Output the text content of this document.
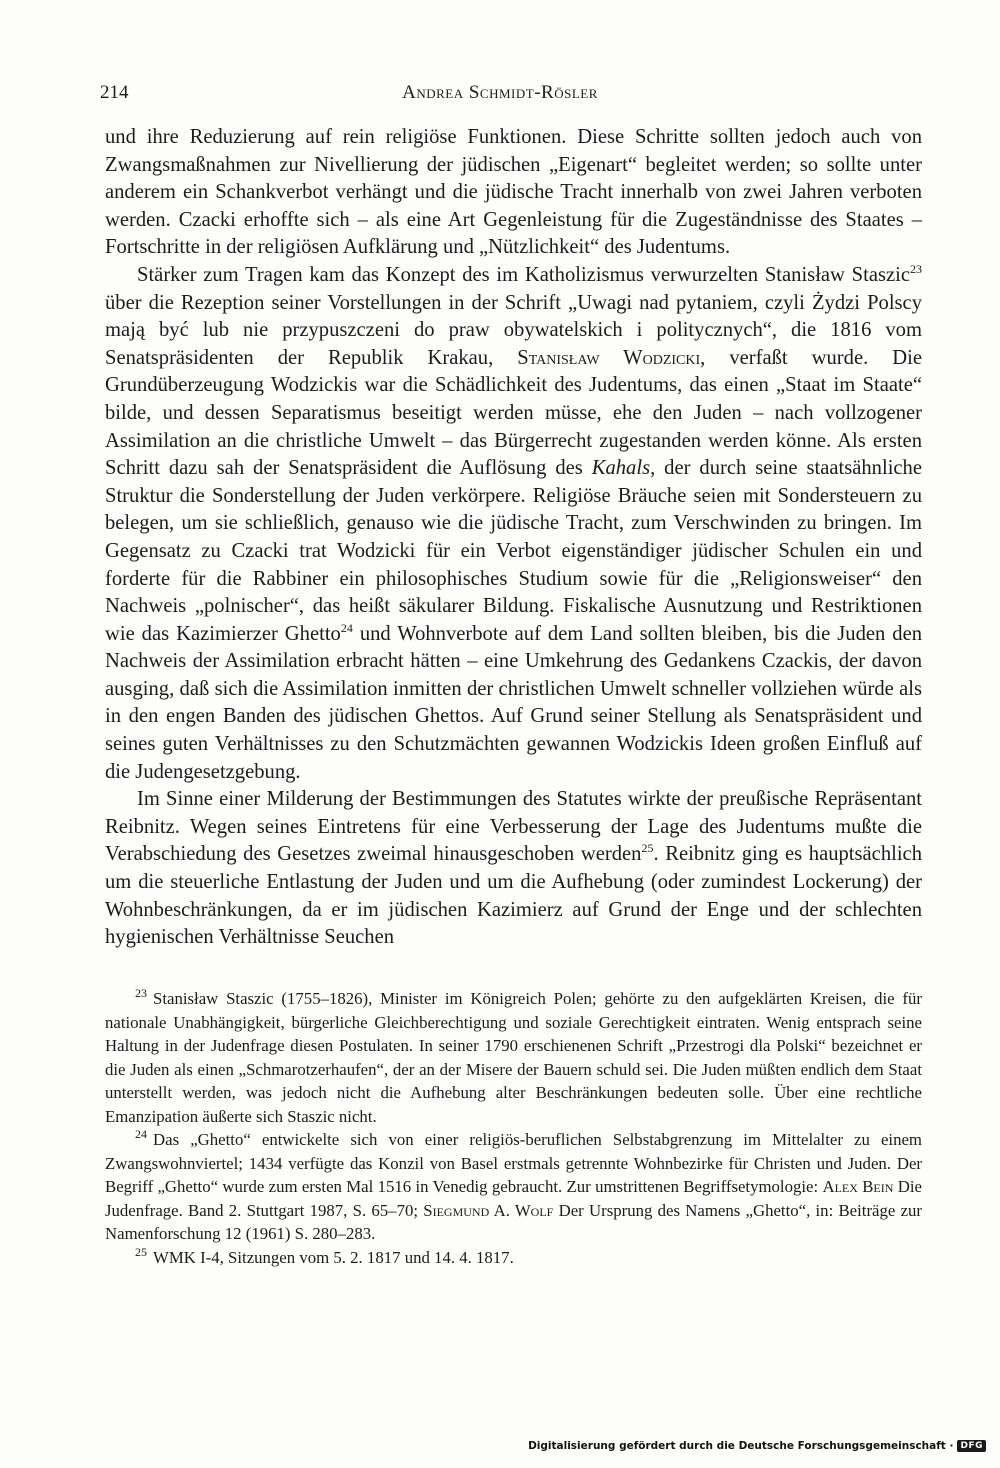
214	Andrea Schmidt-Rösler

und ihre Reduzierung auf rein religiöse Funktionen. Diese Schritte sollten jedoch auch von Zwangsmaßnahmen zur Nivellierung der jüdischen „Eigenart“ begleitet werden; so sollte unter anderem ein Schankverbot verhängt und die jüdische Tracht innerhalb von zwei Jahren verboten werden. Czacki erhoffte sich – als eine Art Gegenleistung für die Zugeständnisse des Staates – Fortschritte in der religiösen Aufklärung und „Nützlichkeit“ des Judentums.

Stärker zum Tragen kam das Konzept des im Katholizismus verwurzelten Stanisław Staszic$^{23}$ über die Rezeption seiner Vorstellungen in der Schrift „Uwagi nad pytaniem, czyli Żydzi Polscy mają być lub nie przypuszczeni do praw obywatelskich i politycznych“, die 1816 vom Senatspräsidenten der Republik Krakau, Stanisław Wodzicki, verfaßt wurde. Die Grundüberzeugung Wodzickis war die Schädlichkeit des Judentums, das einen „Staat im Staate“ bilde, und dessen Separatismus beseitigt werden müsse, ehe den Juden – nach vollzogener Assimilation an die christliche Umwelt – das Bürgerrecht zugestanden werden könne. Als ersten Schritt dazu sah der Senatspräsident die Auflösung des Kahals, der durch seine staatsähnliche Struktur die Sonderstellung der Juden verkörpere. Religiöse Bräuche seien mit Sondersteuern zu belegen, um sie schließlich, genauso wie die jüdische Tracht, zum Verschwinden zu bringen. Im Gegensatz zu Czacki trat Wodzicki für ein Verbot eigenständiger jüdischer Schulen ein und forderte für die Rabbiner ein philosophisches Studium sowie für die „Religionsweiser“ den Nachweis „polnischer“, das heißt säkularer Bildung. Fiskalische Ausnutzung und Restriktionen wie das Kazimierzer Ghetto$^{24}$ und Wohnverbote auf dem Land sollten bleiben, bis die Juden den Nachweis der Assimilation erbracht hätten – eine Umkehrung des Gedankens Czackis, der davon ausging, daß sich die Assimilation inmitten der christlichen Umwelt schneller vollziehen würde als in den engen Banden des jüdischen Ghettos. Auf Grund seiner Stellung als Senatspräsident und seines guten Verhältnisses zu den Schutzmächten gewannen Wodzickis Ideen großen Einfluß auf die Judengesetzgebung.

Im Sinne einer Milderung der Bestimmungen des Statutes wirkte der preußische Repräsentant Reibnitz. Wegen seines Eintretens für eine Verbesserung der Lage des Judentums mußte die Verabschiedung des Gesetzes zweimal hinausgeschoben werden$^{25}$. Reibnitz ging es hauptsächlich um die steuerliche Entlastung der Juden und um die Aufhebung (oder zumindest Lockerung) der Wohnbeschränkungen, da er im jüdischen Kazimierz auf Grund der Enge und der schlechten hygienischen Verhältnisse Seuchen

$^{23}$ Stanisław Staszic (1755–1826), Minister im Königreich Polen; gehörte zu den aufgeklärten Kreisen, die für nationale Unabhängigkeit, bürgerliche Gleichberechtigung und soziale Gerechtigkeit eintraten. Wenig entsprach seine Haltung in der Judenfrage diesen Postulaten. In seiner 1790 erschienenen Schrift „Przestrogi dla Polski“ bezeichnet er die Juden als einen „Schmarotzerhaufen“, der an der Misere der Bauern schuld sei. Die Juden müßten endlich dem Staat unterstellt werden, was jedoch nicht die Aufhebung alter Beschränkungen bedeuten solle. Über eine rechtliche Emanzipation äußerte sich Staszic nicht.

$^{24}$ Das „Ghetto“ entwickelte sich von einer religiös-beruflichen Selbstabgrenzung im Mittelalter zu einem Zwangswohnviertel; 1434 verfügte das Konzil von Basel erstmals getrennte Wohnbezirke für Christen und Juden. Der Begriff „Ghetto“ wurde zum ersten Mal 1516 in Venedig gebraucht. Zur umstrittenen Begriffsetymologie: Alex Bein Die Judenfrage. Band 2. Stuttgart 1987, S. 65–70; Siegmund A. Wolf Der Ursprung des Namens „Ghetto“, in: Beiträge zur Namenforschung 12 (1961) S. 280–283.

$^{25}$ WMK I-4, Sitzungen vom 5. 2. 1817 und 14. 4. 1817.

Digitalisierung gefördert durch die Deutsche Forschungsgemeinschaft · DFG
